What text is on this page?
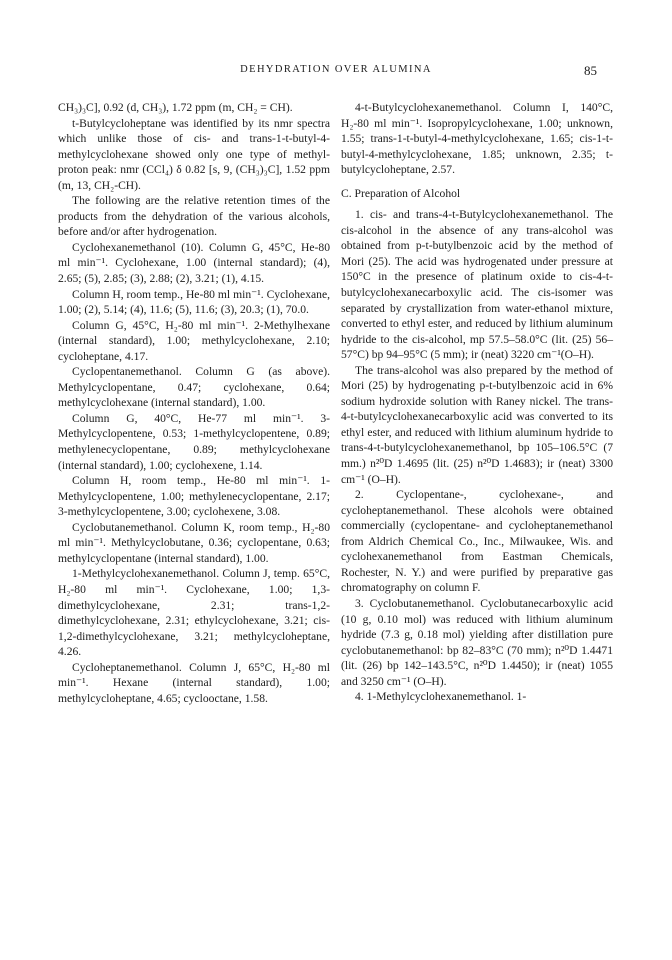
DEHYDRATION OVER ALUMINA	85

CH₃)₃C], 0.92 (d, CH₃), 1.72 ppm (m, CH₂ = CH).

t-Butylcycloheptane was identified by its nmr spectra which unlike those of cis- and trans-1-t-butyl-4-methylcyclohexane showed only one type of methyl-proton peak: nmr (CCl₄) δ 0.82 [s, 9, (CH₃)₃C], 1.52 ppm (m, 13, CH₂-CH).

The following are the relative retention times of the products from the dehydration of the various alcohols, before and/or after hydrogenation.

Cyclohexanemethanol (10). Column G, 45°C, He-80 ml min⁻¹. Cyclohexane, 1.00 (internal standard); (4), 2.65; (5), 2.85; (3), 2.88; (2), 3.21; (1), 4.15.

Column H, room temp., He-80 ml min⁻¹. Cyclohexane, 1.00; (2), 5.14; (4), 11.6; (5), 11.6; (3), 20.3; (1), 70.0.

Column G, 45°C, H₂-80 ml min⁻¹. 2-Methylhexane (internal standard), 1.00; methylcyclohexane, 2.10; cycloheptane, 4.17.

Cyclopentanemethanol. Column G (as above). Methylcyclopentane, 0.47; cyclohexane, 0.64; methylcyclohexane (internal standard), 1.00.

Column G, 40°C, He-77 ml min⁻¹. 3-Methylcyclopentene, 0.53; 1-methylcyclopentene, 0.89; methylenecyclopentane, 0.89; methylcyclohexane (internal standard), 1.00; cyclohexene, 1.14.

Column H, room temp., He-80 ml min⁻¹. 1-Methylcyclopentene, 1.00; methylenecyclopentane, 2.17; 3-methylcyclopentene, 3.00; cyclohexene, 3.08.

Cyclobutanemethanol. Column K, room temp., H₂-80 ml min⁻¹. Methylcyclobutane, 0.36; cyclopentane, 0.63; methylcyclopentane (internal standard), 1.00.

1-Methylcyclohexanemethanol. Column J, temp. 65°C, H₂-80 ml min⁻¹. Cyclohexane, 1.00; 1,3-dimethylcyclohexane, 2.31; trans-1,2-dimethylcyclohexane, 2.31; ethylcyclohexane, 3.21; cis-1,2-dimethylcyclohexane, 3.21; methylcycloheptane, 4.26.

Cycloheptanemethanol. Column J, 65°C, H₂-80 ml min⁻¹. Hexane (internal standard), 1.00; methylcycloheptane, 4.65; cyclooctane, 1.58.

4-t-Butylcyclohexanemethanol. Column I, 140°C, H₂-80 ml min⁻¹. Isopropylcyclohexane, 1.00; unknown, 1.55; trans-1-t-butyl-4-methylcyclohexane, 1.65; cis-1-t-butyl-4-methylcyclohexane, 1.85; unknown, 2.35; t-butylcycloheptane, 2.57.

C. Preparation of Alcohol

1. cis- and trans-4-t-Butylcyclohexanemethanol. The cis-alcohol in the absence of any trans-alcohol was obtained from p-t-butylbenzoic acid by the method of Mori (25). The acid was hydrogenated under pressure at 150°C in the presence of platinum oxide to cis-4-t-butylcyclohexanecarboxylic acid. The cis-isomer was separated by crystallization from water-ethanol mixture, converted to ethyl ester, and reduced by lithium aluminum hydride to the cis-alcohol, mp 57.5–58.0°C (lit. (25) 56–57°C) bp 94–95°C (5 mm); ir (neat) 3220 cm⁻¹(O–H).

The trans-alcohol was also prepared by the method of Mori (25) by hydrogenating p-t-butylbenzoic acid in 6% sodium hydroxide solution with Raney nickel. The trans-4-t-butylcyclohexanecarboxylic acid was converted to its ethyl ester, and reduced with lithium aluminum hydride to trans-4-t-butylcyclohexanemethanol, bp 105–106.5°C (7 mm.) n²⁰D 1.4695 (lit. (25) n²⁰D 1.4683); ir (neat) 3300 cm⁻¹ (O–H).

2. Cyclopentane-, cyclohexane-, and cycloheptanemethanol. These alcohols were obtained commercially (cyclopentane- and cycloheptanemethanol from Aldrich Chemical Co., Inc., Milwaukee, Wis. and cyclohexanemethanol from Eastman Chemicals, Rochester, N. Y.) and were purified by preparative gas chromatography on column F.

3. Cyclobutanemethanol. Cyclobutanecarboxylic acid (10 g, 0.10 mol) was reduced with lithium aluminum hydride (7.3 g, 0.18 mol) yielding after distillation pure cyclobutanemethanol: bp 82–83°C (70 mm); n²⁰D 1.4471 (lit. (26) bp 142–143.5°C, n²⁰D 1.4450); ir (neat) 1055 and 3250 cm⁻¹ (O–H).

4. 1-Methylcyclohexanemethanol. 1-
